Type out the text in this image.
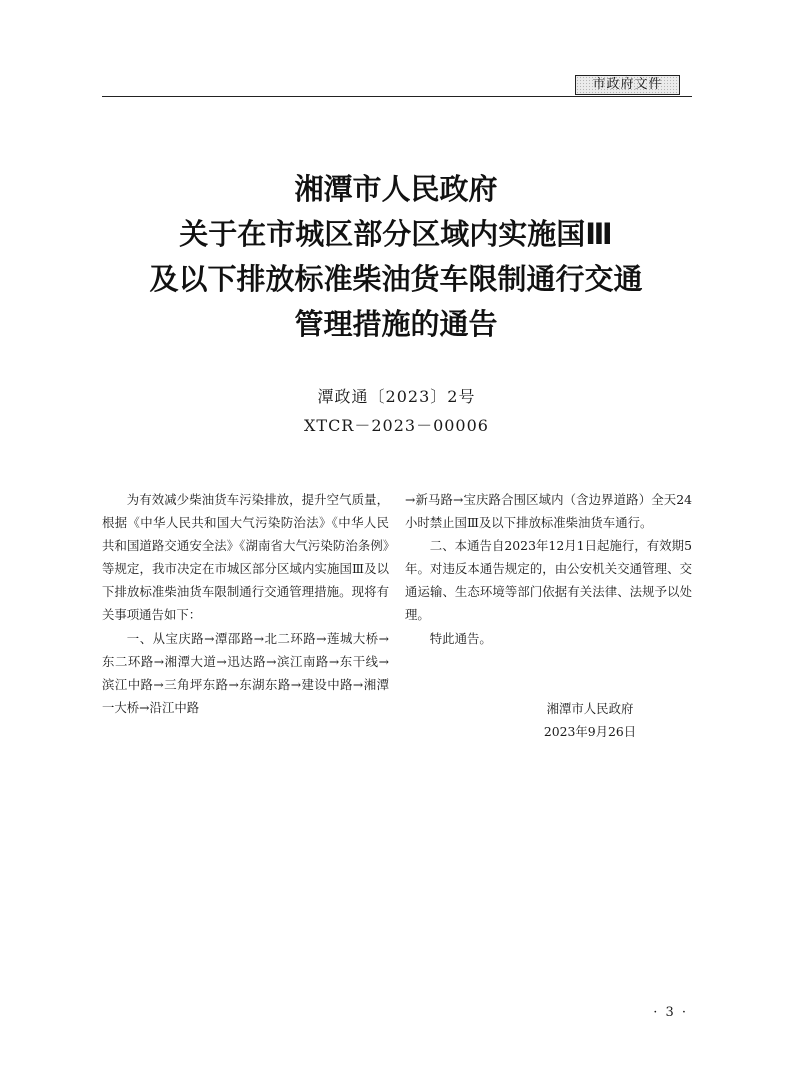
市政府文件
湘潭市人民政府
关于在市城区部分区域内实施国Ⅲ
及以下排放标准柴油货车限制通行交通
管理措施的通告
潭政通〔2023〕2号
XTCR－2023－00006

为有效减少柴油货车污染排放，提升空气质量，根据《中华人民共和国大气污染防治法》《中华人民共和国道路交通安全法》《湖南省大气污染防治条例》等规定，我市决定在市城区部分区域内实施国Ⅲ及以下排放标准柴油货车限制通行交通管理措施。现将有关事项通告如下：

一、从宝庆路→潭邵路→北二环路→莲城大桥→东二环路→湘潭大道→迅达路→滨江南路→东干线→滨江中路→三角坪东路→东湖东路→建设中路→湘潭一大桥→沿江中路

→新马路→宝庆路合围区域内（含边界道路）全天24小时禁止国Ⅲ及以下排放标准柴油货车通行。

二、本通告自2023年12月1日起施行，有效期5年。对违反本通告规定的，由公安机关交通管理、交通运输、生态环境等部门依据有关法律、法规予以处理。

特此通告。

湘潭市人民政府
2023年9月26日
· 3 ·
